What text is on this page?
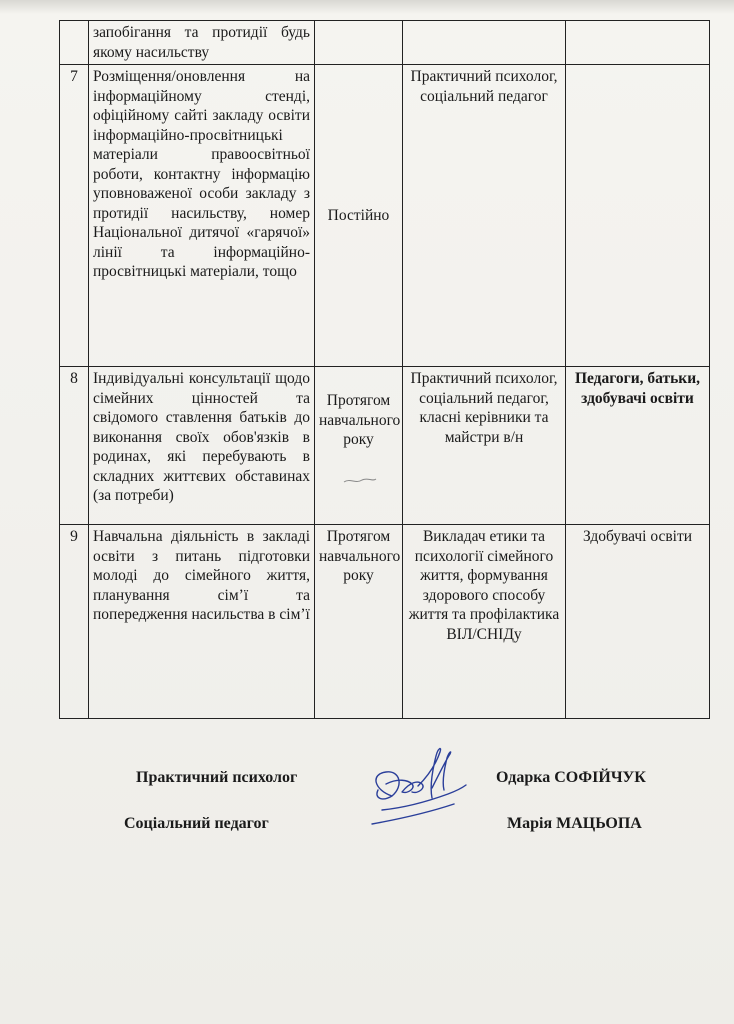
	запобігання та протидії будь якому насильству			
7	Розміщення/оновлення на інформаційному стенді, офіційному сайті закладу освіти інформаційно-просвітницькі матеріали правоосвітньої роботи, контактну інформацію уповноваженої особи закладу з протидії насильству, номер Національної дитячої «гарячої» лінії та інформаційно-просвітницькі матеріали, тощо	Постійно	Практичний психолог, соціальний педагог	
8	Індивідуальні консультації щодо сімейних цінностей та свідомого ставлення батьків до виконання своїх обов'язків в родинах, які перебувають в складних життєвих обставинах (за потреби)	Протягом навчального року	Практичний психолог, соціальний педагог, класні керівники та майстри в/н	Педагоги, батьки, здобувачі освіти
9	Навчальна діяльність в закладі освіти з питань підготовки молоді до сімейного життя, планування сім’ї та попередження насильства в сім’ї	Протягом навчального року	Викладач етики та психології сімейного життя, формування здорового способу життя та профілактика ВІЛ/СНІДу	Здобувачі освіти
Практичний психолог	Одарка СОФІЙЧУК
Соціальний педагог	Марія МАЦЬОПА
